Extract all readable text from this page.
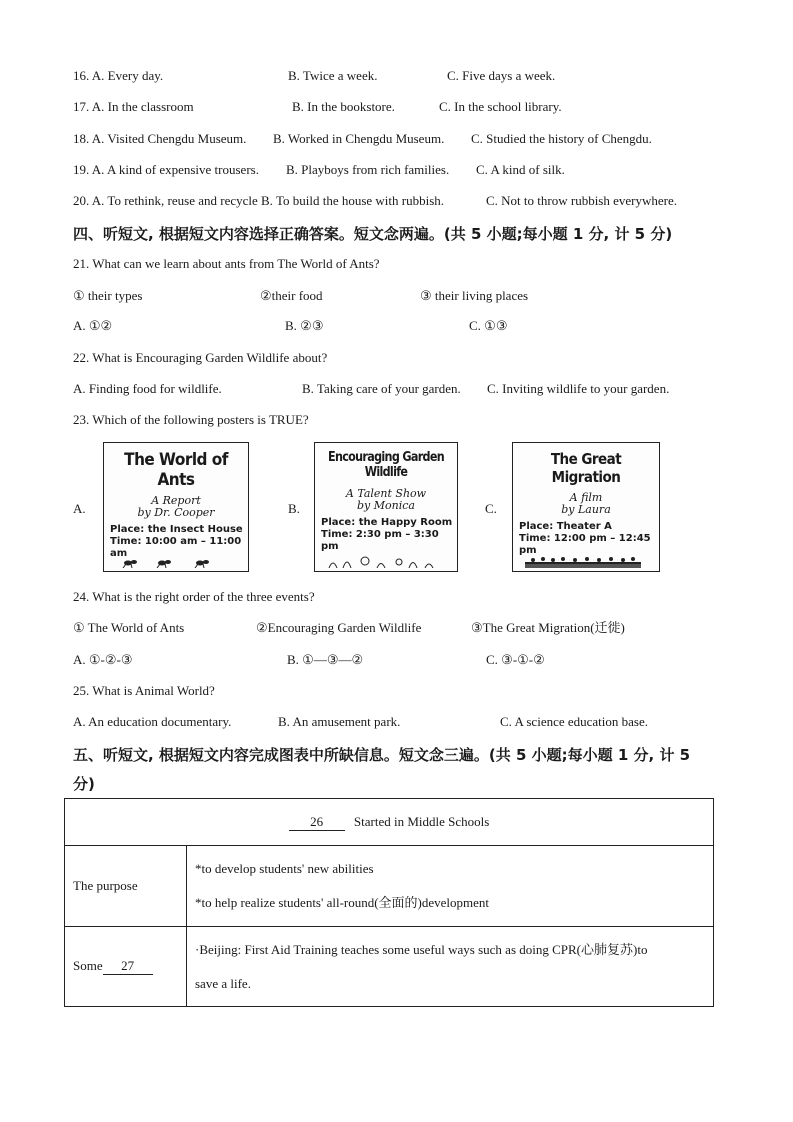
16. A. Every day.	B. Twice a week.	C. Five days a week.
17. A. In the classroom	B. In the bookstore.	C. In the school library.
18. A. Visited Chengdu Museum. B. Worked in Chengdu Museum. C. Studied the history of Chengdu.
19. A. A kind of expensive trousers. B. Playboys from rich families. C. A kind of silk.
20. A. To rethink, reuse and recycle B. To build the house with rubbish.	C. Not to throw rubbish everywhere.
四、听短文, 根据短文内容选择正确答案。短文念两遍。(共 5 小题;每小题 1 分, 计 5 分)
21. What can we learn about ants from The World of Ants?
① their types	②their food	③ their living places
A. ①②	B. ②③	C. ①③
22. What is Encouraging Garden Wildlife about?
A. Finding food for wildlife.	B. Taking care of your garden. C. Inviting wildlife to your garden.
23. Which of the following posters is TRUE?
A.	B.	C.
The World of Ants
A Report
by Dr. Cooper
Place: the Insect House
Time: 10:00 am – 11:00 am
Encouraging Garden Wildlife
A Talent Show
by Monica
Place: the Happy Room
Time: 2:30 pm – 3:30 pm
The Great Migration
A film
by Laura
Place: Theater A
Time: 12:00 pm – 12:45 pm
24. What is the right order of the three events?
① The World of Ants	②Encouraging Garden Wildlife	③The Great Migration(迁徙)
A. ①-②-③	B. ①—③—②	C. ③-①-②
25. What is Animal World?
A. An education documentary.	B. An amusement park.	C. A science education base.
五、听短文, 根据短文内容完成图表中所缺信息。短文念三遍。(共 5 小题;每小题 1 分, 计 5
分)
26 Started in Middle Schools	
The purpose	*to develop students' new abilities
*to help realize students' all-round(全面的)development

Some 27	·Beijing: First Aid Training teaches some useful ways such as doing CPR(心肺复苏)to
save a life.
